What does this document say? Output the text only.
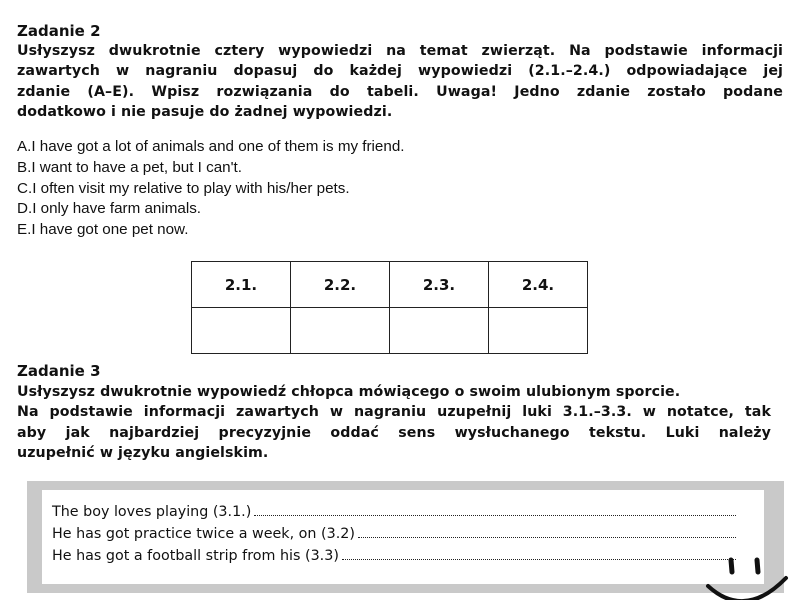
Zadanie 2
Usłyszysz dwukrotnie cztery wypowiedzi na temat zwierząt. Na podstawie informacji
zawartych w nagraniu dopasuj do każdej wypowiedzi (2.1.–2.4.) odpowiadające jej
zdanie (A–E). Wpisz rozwiązania do tabeli. Uwaga! Jedno zdanie zostało podane
dodatkowo i nie pasuje do żadnej wypowiedzi.
A.I have got a lot of animals and one of them is my friend.
B.I want to have a pet, but I can't.
C.I often visit my relative to play with his/her pets.
D.I only have farm animals.
E.I have got one pet now.
2.1.	2.2.	2.3.	2.4.

Zadanie 3
Usłyszysz dwukrotnie wypowiedź chłopca mówiącego o swoim ulubionym sporcie.
Na podstawie informacji zawartych w nagraniu uzupełnij luki 3.1.–3.3. w notatce, tak
aby jak najbardziej precyzyjnie oddać sens wysłuchanego tekstu. Luki należy
uzupełnić w języku angielskim.
The boy loves playing (3.1.)
He has got practice twice a week, on (3.2)
He has got a football strip from his (3.3)
